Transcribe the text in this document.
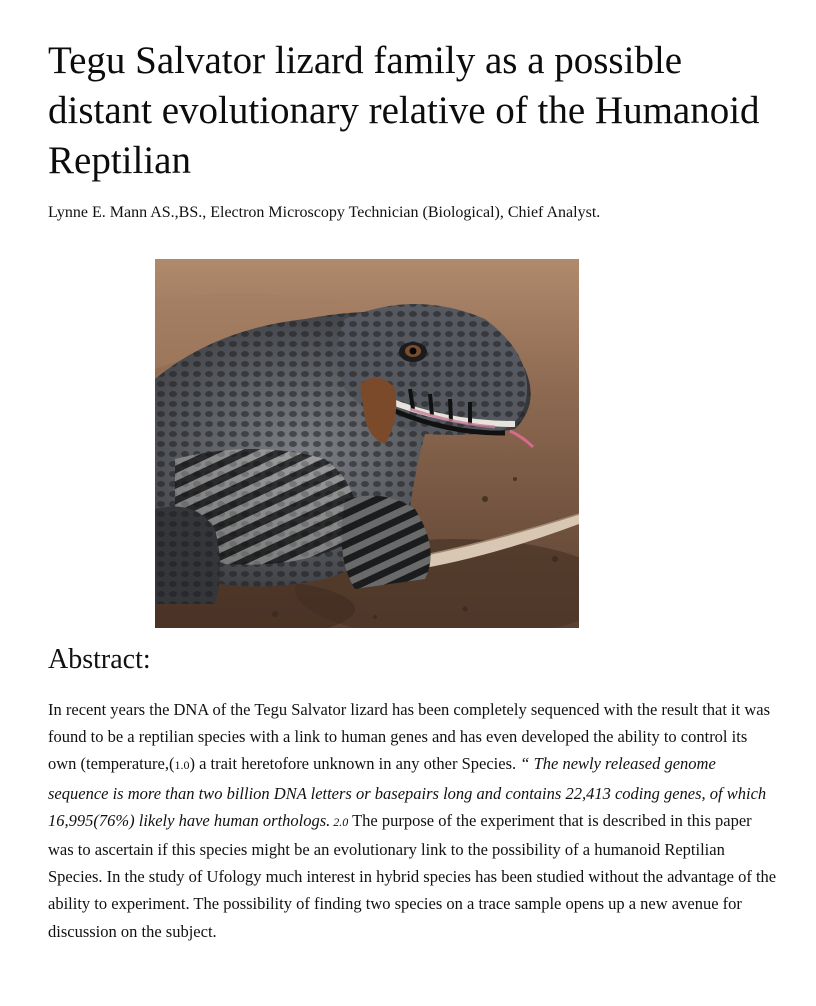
Tegu Salvator lizard family as a possible distant evolutionary relative of the Humanoid Reptilian

Lynne E. Mann AS.,BS., Electron Microscopy Technician (Biological), Chief Analyst.

Abstract:

In recent years the DNA of the Tegu Salvator lizard has been completely sequenced with the result that it was found to be a reptilian species with a link to human genes and has even developed the ability to control its own (temperature,(1.0) a trait heretofore unknown in any other Species. “ The newly released genome sequence is more than two billion DNA letters or basepairs long and contains 22,413 coding genes, of which 16,995(76%) likely have human orthologs. 2.0 The purpose of the experiment that is described in this paper was to ascertain if this species might be an evolutionary link to the possibility of a humanoid Reptilian Species. In the study of Ufology much interest in hybrid species has been studied without the advantage of the ability to experiment. The possibility of finding two species on a trace sample opens up a new avenue for discussion on the subject.
